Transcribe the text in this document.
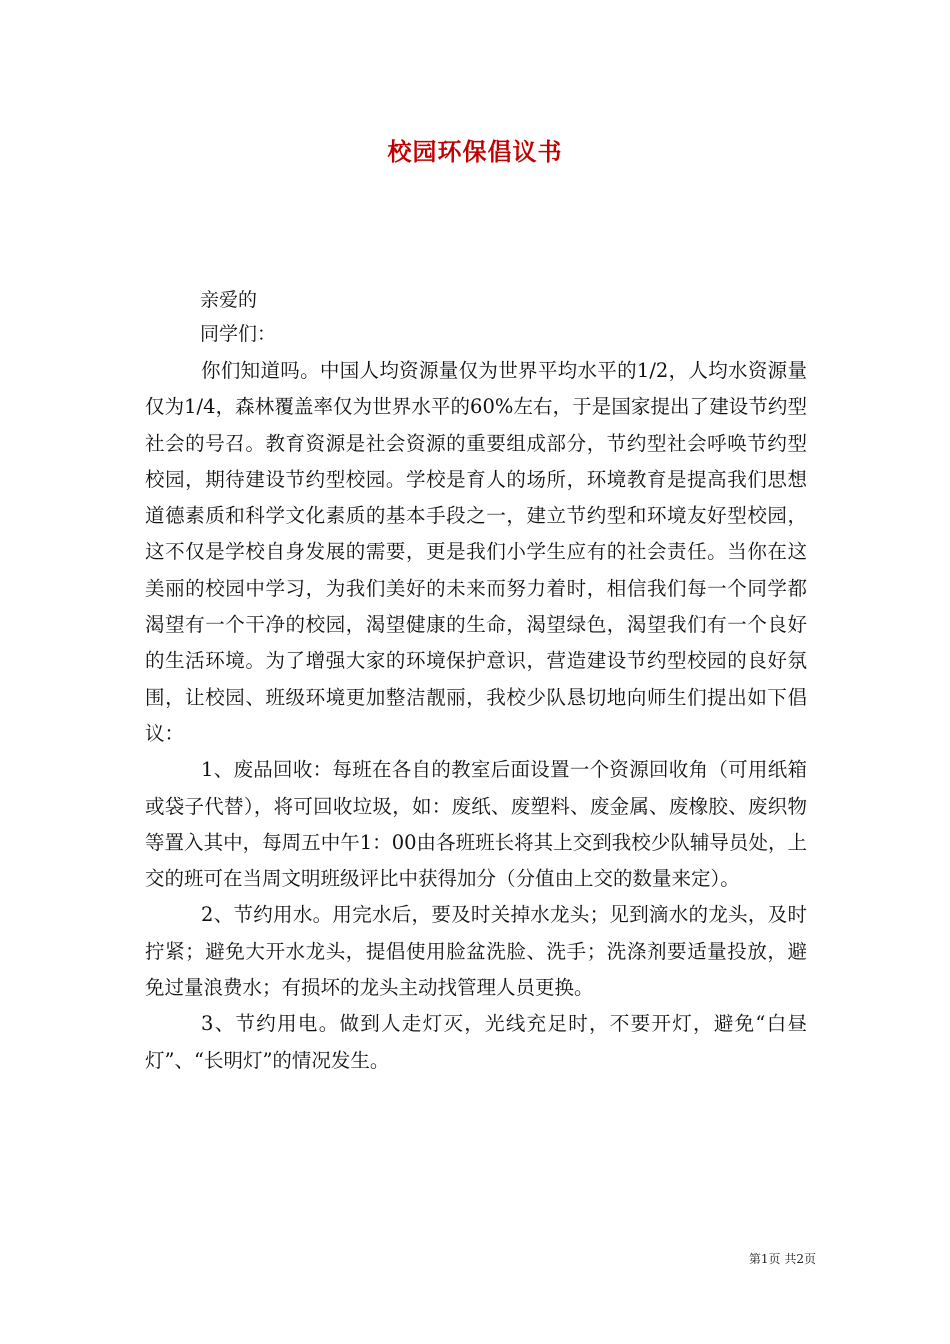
校园环保倡议书
亲爱的
同学们：

你们知道吗。中国人均资源量仅为世界平均水平的1/2，人均水资源量仅为1/4，森林覆盖率仅为世界水平的60%左右，于是国家提出了建设节约型社会的号召。教育资源是社会资源的重要组成部分，节约型社会呼唤节约型校园，期待建设节约型校园。学校是育人的场所，环境教育是提高我们思想道德素质和科学文化素质的基本手段之一，建立节约型和环境友好型校园，这不仅是学校自身发展的需要，更是我们小学生应有的社会责任。当你在这美丽的校园中学习，为我们美好的未来而努力着时，相信我们每一个同学都渴望有一个干净的校园，渴望健康的生命，渴望绿色，渴望我们有一个良好的生活环境。为了增强大家的环境保护意识，营造建设节约型校园的良好氛围，让校园、班级环境更加整洁靓丽，我校少队恳切地向师生们提出如下倡议：

1、废品回收：每班在各自的教室后面设置一个资源回收角（可用纸箱或袋子代替），将可回收垃圾，如：废纸、废塑料、废金属、废橡胶、废织物等置入其中，每周五中午1：00由各班班长将其上交到我校少队辅导员处，上交的班可在当周文明班级评比中获得加分（分值由上交的数量来定）。

2、节约用水。用完水后，要及时关掉水龙头；见到滴水的龙头，及时拧紧；避免大开水龙头，提倡使用脸盆洗脸、洗手；洗涤剂要适量投放，避免过量浪费水；有损坏的龙头主动找管理人员更换。

3、节约用电。做到人走灯灭，光线充足时，不要开灯，避免“白昼灯”、“长明灯”的情况发生。

第1页 共2页
